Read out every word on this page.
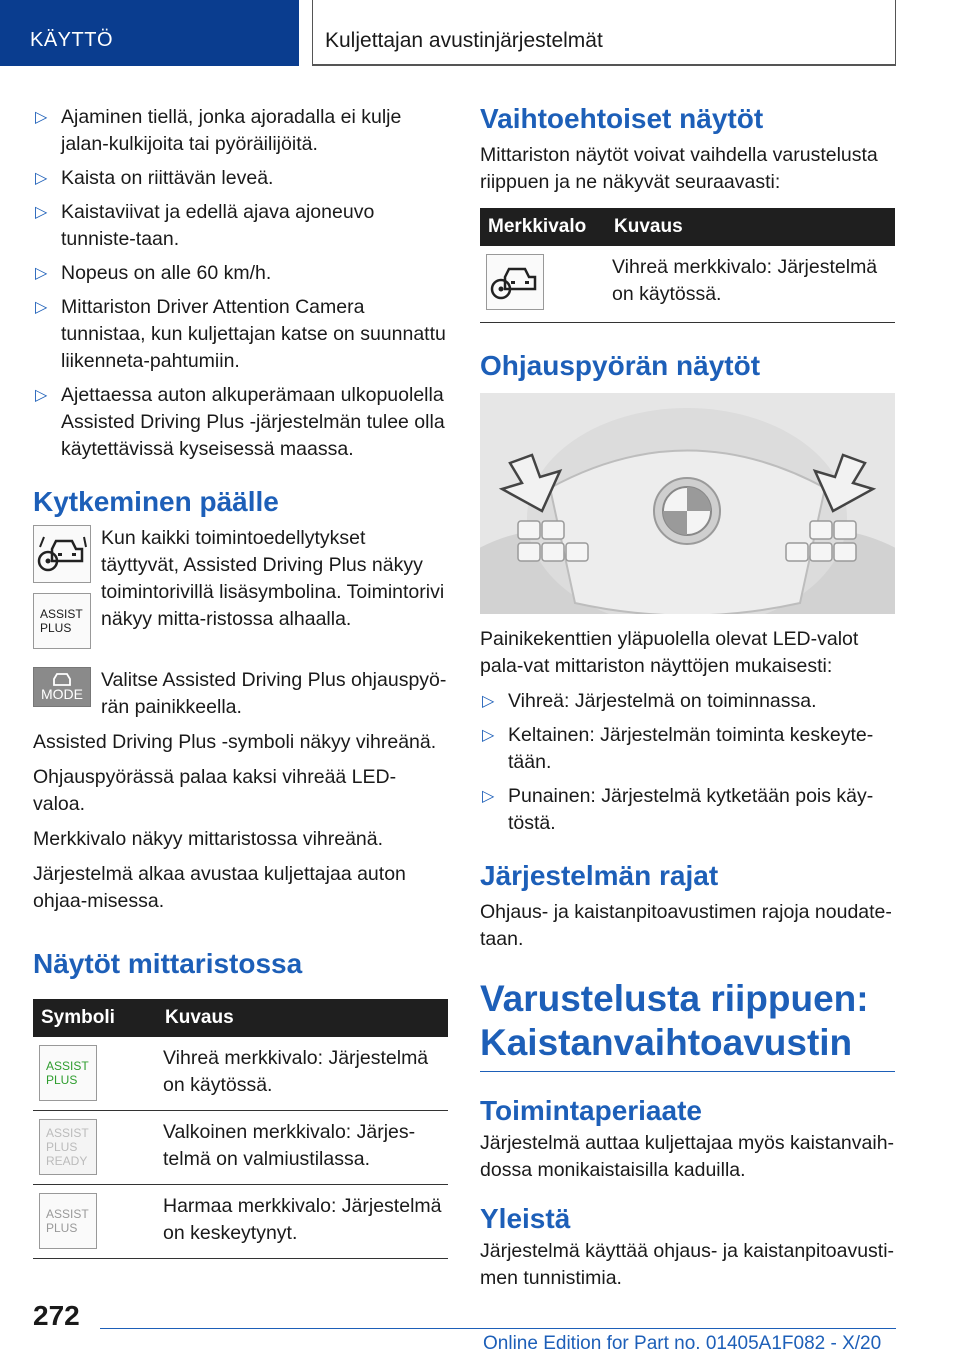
KÄYTTÖ	Kuljettajan avustinjärjestelmät
▷ Ajaminen tiellä, jonka ajoradalla ei kulje jalan-kulkijoita tai pyöräilijöitä.
▷ Kaista on riittävän leveä.
▷ Kaistaviivat ja edellä ajava ajoneuvo tunniste-taan.
▷ Nopeus on alle 60 km/h.
▷ Mittariston Driver Attention Camera tunnistaa, kun kuljettajan katse on suunnattu liikenneta-pahtumiin.
▷ Ajettaessa auton alkuperämaan ulkopuolella Assisted Driving Plus -järjestelmän tulee olla käytettävissä kyseisessä maassa.
Kytkeminen päälle
ASSIST PLUS
Kun kaikki toimintoedellytykset täyttyvät, Assisted Driving Plus näkyy toimintorivillä lisäsymbolina. Toimintorivi näkyy mitta-ristossa alhaalla.
MODE
Valitse Assisted Driving Plus ohjauspyö-rän painikkeella.

Assisted Driving Plus -symboli näkyy vihreänä.

Ohjauspyörässä palaa kaksi vihreää LED-valoa.

Merkkivalo näkyy mittaristossa vihreänä.

Järjestelmä alkaa avustaa kuljettajaa auton ohjaa-misessa.

Näytöt mittaristossa
Symboli	Kuvaus

ASSIST PLUS	Vihreä merkkivalo: Järjestelmä on käytössä.

ASSIST PLUS
READY	Valkoinen merkkivalo: Järjes-telmä on valmiustilassa.

ASSIST PLUS	Harmaa merkkivalo: Järjestelmä on keskeytynyt.
Vaihtoehtoiset näytöt

Mittariston näytöt voivat vaihdella varustelusta riippuen ja ne näkyvät seuraavasti:

Merkkivalo	Kuvaus

	Vihreä merkkivalo: Järjestelmä on käytössä.
Ohjauspyörän näytöt

Painikekenttien yläpuolella olevat LED-valot pala-vat mittariston näyttöjen mukaisesti:

▷ Vihreä: Järjestelmä on toiminnassa.
▷ Keltainen: Järjestelmän toiminta keskeyte-tään.
▷ Punainen: Järjestelmä kytketään pois käy-töstä.
Järjestelmän rajat

Ohjaus- ja kaistanpitoavustimen rajoja noudate-taan.

Varustelusta riippuen:
Kaistanvaihtoavustin
Toimintaperiaate

Järjestelmä auttaa kuljettajaa myös kaistanvaih-dossa monikaistaisilla kaduilla.

Yleistä

Järjestelmä käyttää ohjaus- ja kaistanpitoavusti-men tunnistimia.

272
Online Edition for Part no. 01405A1F082 - X/20
